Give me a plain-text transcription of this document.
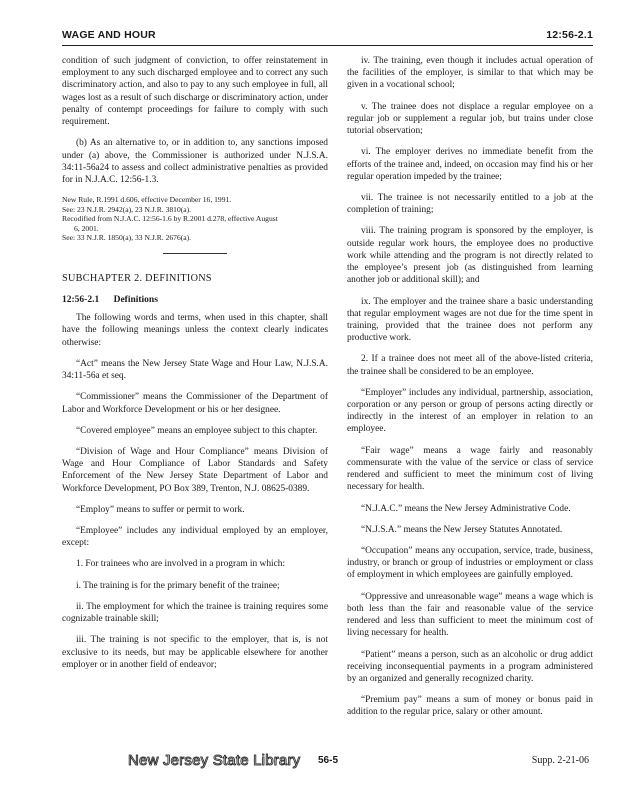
WAGE AND HOUR	12:56-2.1

condition of such judgment of conviction, to offer reinstatement in employment to any such discharged employee and to correct any such discriminatory action, and also to pay to any such employee in full, all wages lost as a result of such discharge or discriminatory action, under penalty of contempt proceedings for failure to comply with such requirement.

(b) As an alternative to, or in addition to, any sanctions imposed under (a) above, the Commissioner is authorized under N.J.S.A. 34:11-56a24 to assess and collect administrative penalties as provided for in N.J.A.C. 12:56-1.3.

New Rule, R.1991 d.606, effective December 16, 1991.
See: 23 N.J.R. 2942(a), 23 N.J.R. 3810(a).
Recodified from N.J.A.C. 12:56-1.6 by R.2001 d.278, effective August
6, 2001.
See: 33 N.J.R. 1850(a), 33 N.J.R. 2676(a).
SUBCHAPTER 2. DEFINITIONS
12:56-2.1 Definitions

The following words and terms, when used in this chapter, shall have the following meanings unless the context clearly indicates otherwise:

“Act” means the New Jersey State Wage and Hour Law, N.J.S.A. 34:11-56a et seq.

“Commissioner” means the Commissioner of the Department of Labor and Workforce Development or his or her designee.

“Covered employee” means an employee subject to this chapter.

“Division of Wage and Hour Compliance” means Division of Wage and Hour Compliance of Labor Standards and Safety Enforcement of the New Jersey State Department of Labor and Workforce Development, PO Box 389, Trenton, N.J. 08625-0389.

“Employ” means to suffer or permit to work.

“Employee” includes any individual employed by an employer, except:

1. For trainees who are involved in a program in which:

i. The training is for the primary benefit of the trainee;

ii. The employment for which the trainee is training requires some cognizable trainable skill;

iii. The training is not specific to the employer, that is, is not exclusive to its needs, but may be applicable elsewhere for another employer or in another field of endeavor;

iv. The training, even though it includes actual operation of the facilities of the employer, is similar to that which may be given in a vocational school;

v. The trainee does not displace a regular employee on a regular job or supplement a regular job, but trains under close tutorial observation;

vi. The employer derives no immediate benefit from the efforts of the trainee and, indeed, on occasion may find his or her regular operation impeded by the trainee;

vii. The trainee is not necessarily entitled to a job at the completion of training;

viii. The training program is sponsored by the employer, is outside regular work hours, the employee does no productive work while attending and the program is not directly related to the employee’s present job (as distinguished from learning another job or additional skill); and

ix. The employer and the trainee share a basic understanding that regular employment wages are not due for the time spent in training, provided that the trainee does not perform any productive work.

2. If a trainee does not meet all of the above-listed criteria, the trainee shall be considered to be an employee.

“Employer” includes any individual, partnership, association, corporation or any person or group of persons acting directly or indirectly in the interest of an employer in relation to an employee.

“Fair wage” means a wage fairly and reasonably commensurate with the value of the service or class of service rendered and sufficient to meet the minimum cost of living necessary for health.

“N.J.A.C.” means the New Jersey Administrative Code.

“N.J.S.A.” means the New Jersey Statutes Annotated.

“Occupation” means any occupation, service, trade, business, industry, or branch or group of industries or employment or class of employment in which employees are gainfully employed.

“Oppressive and unreasonable wage” means a wage which is both less than the fair and reasonable value of the service rendered and less than sufficient to meet the minimum cost of living necessary for health.

“Patient” means a person, such as an alcoholic or drug addict receiving inconsequential payments in a program administered by an organized and generally recognized charity.

“Premium pay” means a sum of money or bonus paid in addition to the regular price, salary or other amount.

New Jersey State Library 56-5	Supp. 2-21-06
